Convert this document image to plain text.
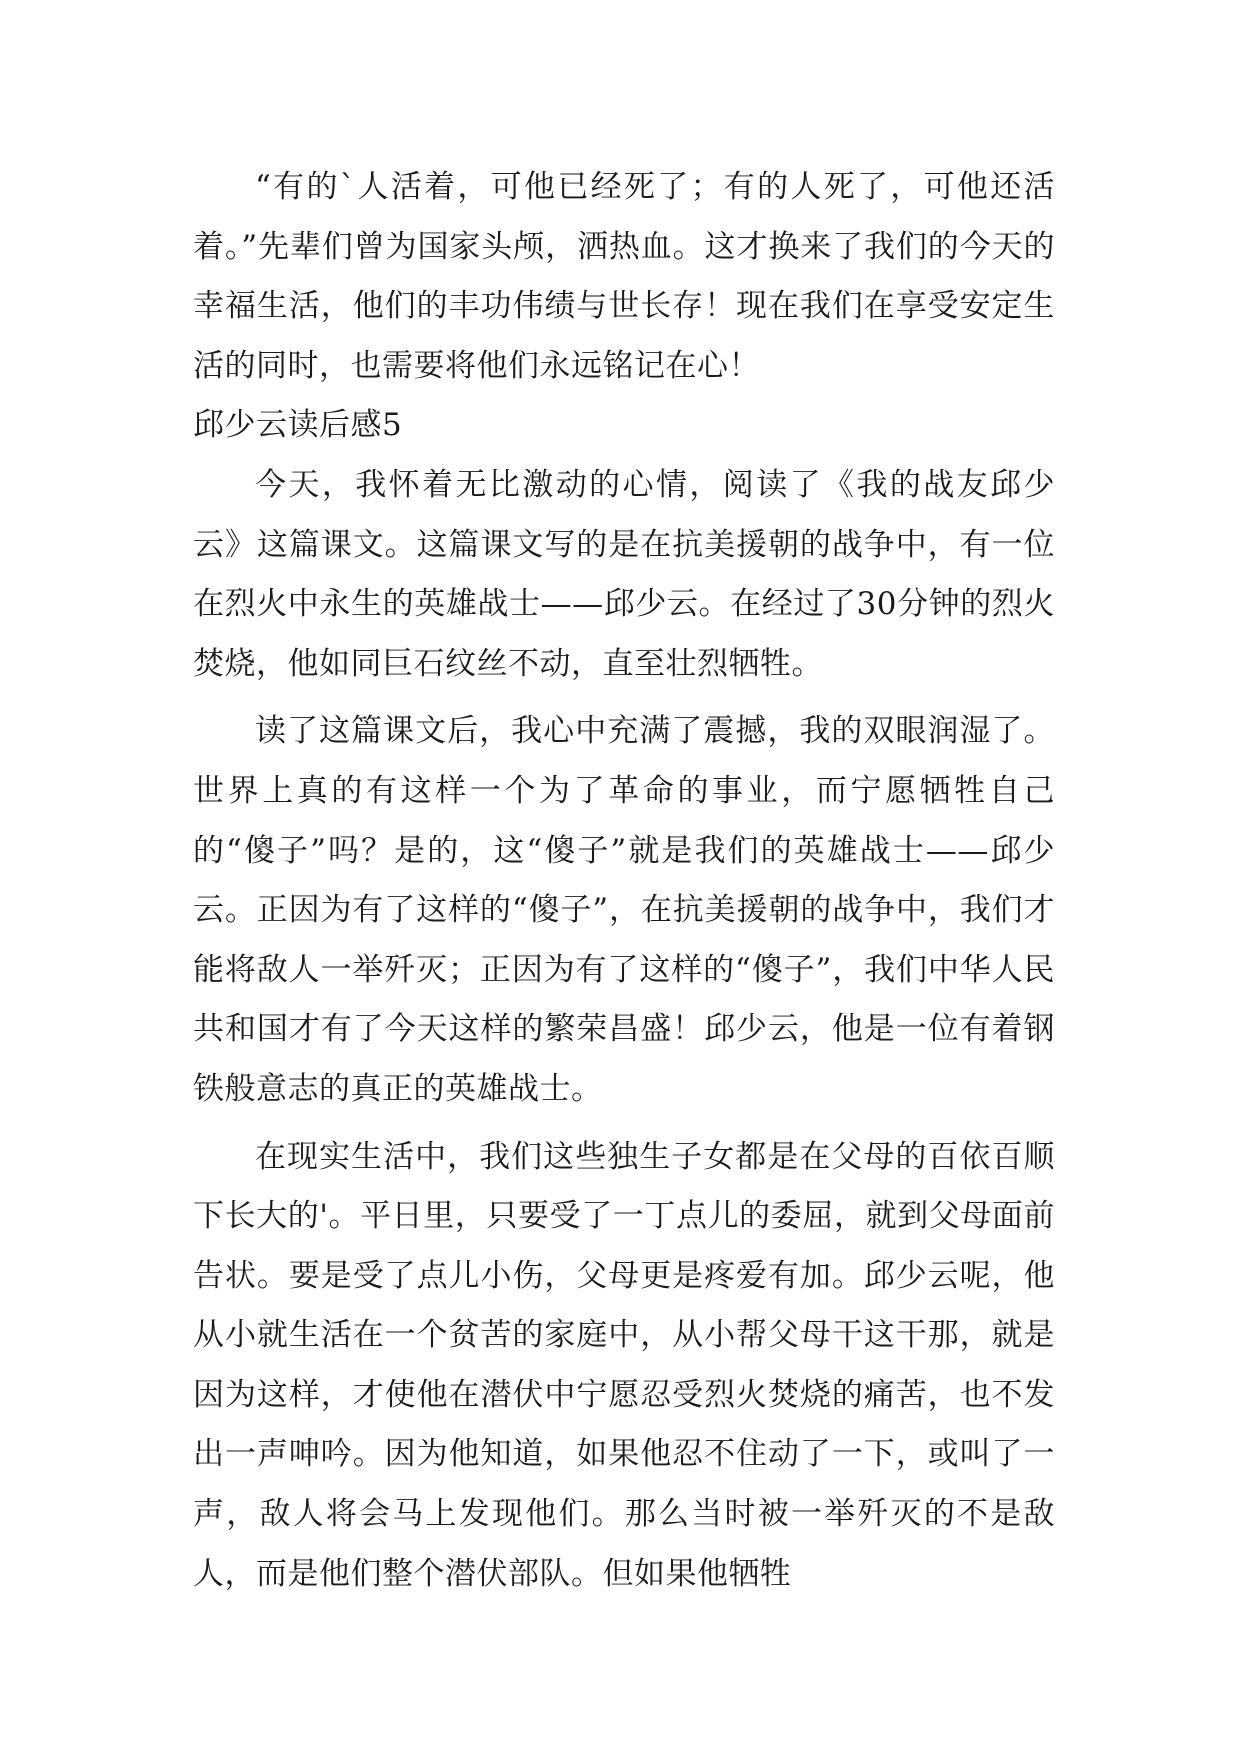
“有的`人活着，可他已经死了；有的人死了，可他还活着。”先辈们曾为国家头颅，洒热血。这才换来了我们的今天的幸福生活，他们的丰功伟绩与世长存！现在我们在享受安定生活的同时，也需要将他们永远铭记在心！

邱少云读后感5

今天，我怀着无比激动的心情，阅读了《我的战友邱少云》这篇课文。这篇课文写的是在抗美援朝的战争中，有一位在烈火中永生的英雄战士——邱少云。在经过了30分钟的烈火焚烧，他如同巨石纹丝不动，直至壮烈牺牲。

读了这篇课文后，我心中充满了震撼，我的双眼润湿了。世界上真的有这样一个为了革命的事业，而宁愿牺牲自己的“傻子”吗？是的，这“傻子”就是我们的英雄战士——邱少云。正因为有了这样的“傻子”，在抗美援朝的战争中，我们才能将敌人一举歼灭；正因为有了这样的“傻子”，我们中华人民共和国才有了今天这样的繁荣昌盛！邱少云，他是一位有着钢铁般意志的真正的英雄战士。

在现实生活中，我们这些独生子女都是在父母的百依百顺下长大的'。平日里，只要受了一丁点儿的委屈，就到父母面前告状。要是受了点儿小伤，父母更是疼爱有加。邱少云呢，他从小就生活在一个贫苦的家庭中，从小帮父母干这干那，就是因为这样，才使他在潜伏中宁愿忍受烈火焚烧的痛苦，也不发出一声呻吟。因为他知道，如果他忍不住动了一下，或叫了一声，敌人将会马上发现他们。那么当时被一举歼灭的不是敌人，而是他们整个潜伏部队。但如果他牺牲
